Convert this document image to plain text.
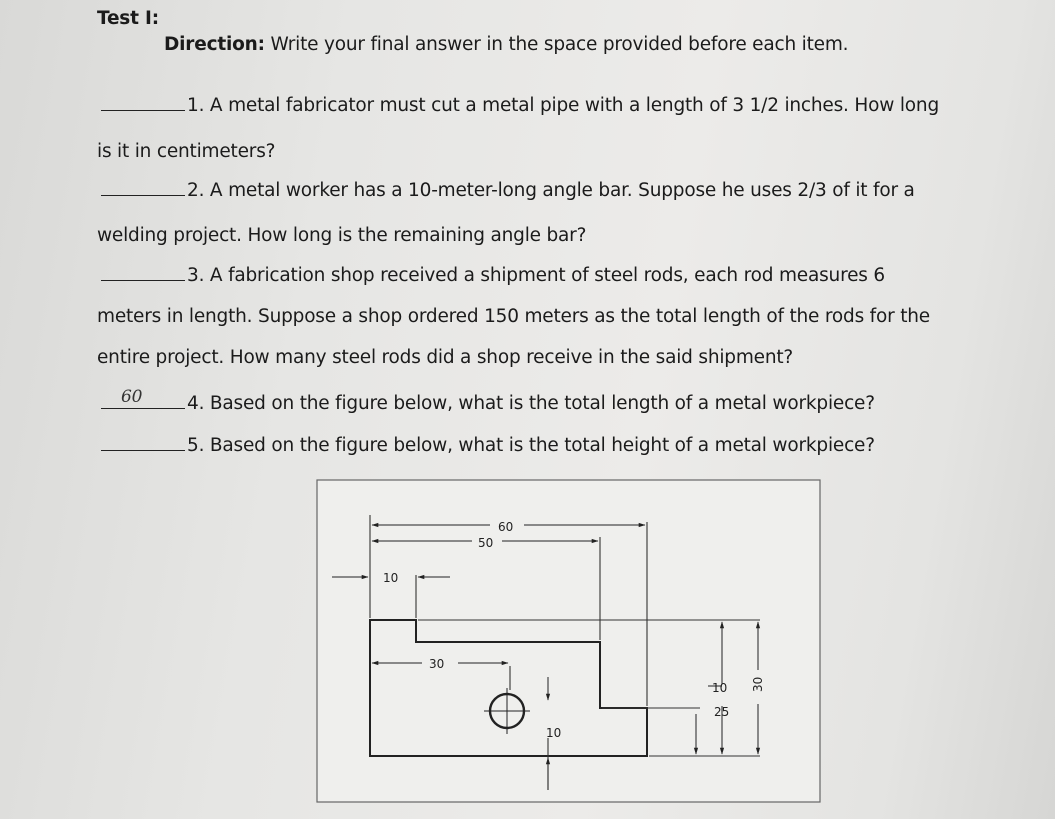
Test I:
Direction: Write your final answer in the space provided before each item.
1. A metal fabricator must cut a metal pipe with a length of 3 1/2 inches. How long
is it in centimeters?
2. A metal worker has a 10-meter-long angle bar. Suppose he uses 2/3 of it for a
welding project. How long is the remaining angle bar?
3. A fabrication shop received a shipment of steel rods, each rod measures 6
meters in length. Suppose a shop ordered 150 meters as the total length of the rods for the
entire project. How many steel rods did a shop receive in the said shipment?
60 4. Based on the figure below, what is the total length of a metal workpiece?
5. Based on the figure below, what is the total height of a metal workpiece?
60
50
10
30
10
10
25
30
